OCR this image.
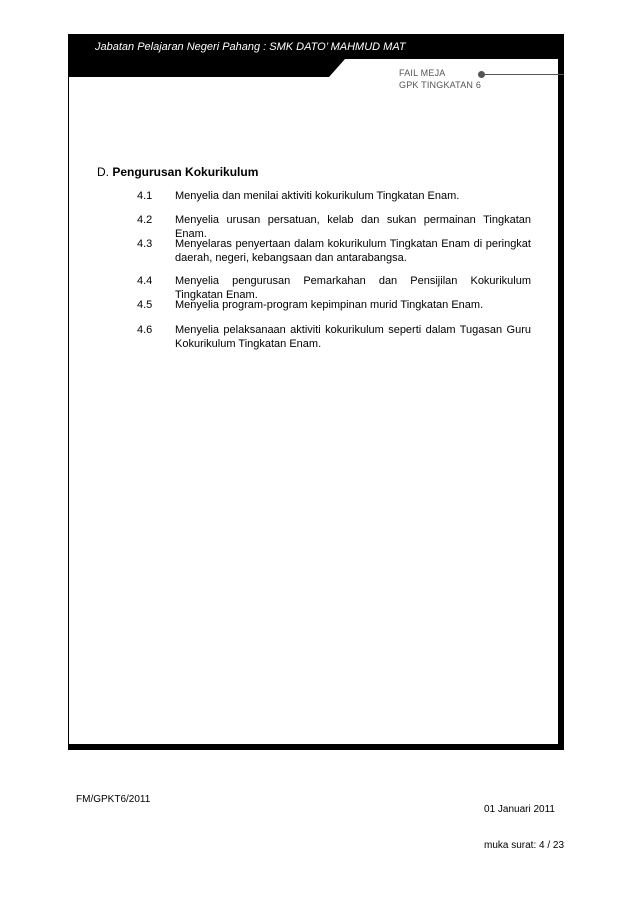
Jabatan Pelajaran Negeri Pahang : SMK DATO’ MAHMUD MAT
FAIL MEJA
GPK TINGKATAN 6
D. Pengurusan Kokurikulum
4.1	Menyelia dan menilai aktiviti kokurikulum Tingkatan Enam.
4.2	Menyelia urusan persatuan, kelab dan sukan permainan Tingkatan Enam.
4.3	Menyelaras penyertaan dalam kokurikulum Tingkatan Enam di peringkat daerah, negeri, kebangsaan dan antarabangsa.
4.4	Menyelia pengurusan Pemarkahan dan Pensijilan Kokurikulum Tingkatan Enam.
4.5	Menyelia program-program kepimpinan murid Tingkatan Enam.
4.6	Menyelia pelaksanaan aktiviti kokurikulum seperti dalam Tugasan Guru Kokurikulum Tingkatan Enam.
FM/GPKT6/2011
01 Januari 2011
muka surat: 4 / 23
